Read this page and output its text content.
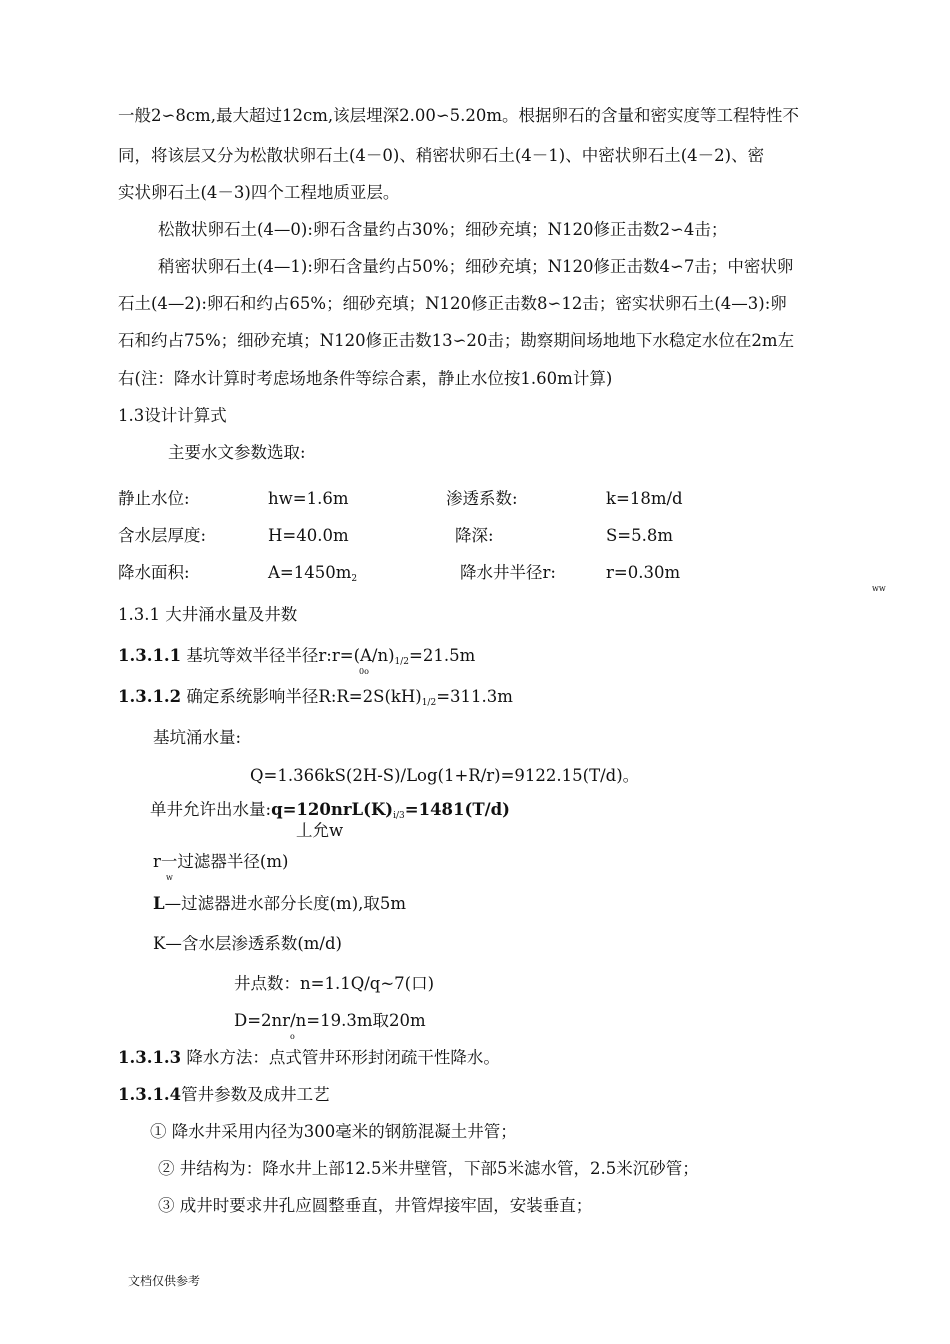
一般2∽8cm,最大超过12cm,该层埋深2.00∽5.20m。根据卵石的含量和密实度等工程特性不
同，将该层又分为松散状卵石土(4－0)、稍密状卵石土(4－1)、中密状卵石土(4－2)、密
实状卵石土(4－3)四个工程地质亚层。
松散状卵石土(4—0):卵石含量约占30%；细砂充填；N120修正击数2∽4击；
稍密状卵石土(4—1):卵石含量约占50%；细砂充填；N120修正击数4∽7击；中密状卵
石土(4—2):卵石和约占65%；细砂充填；N120修正击数8∽12击；密实状卵石土(4—3):卵
石和约占75%；细砂充填；N120修正击数13∽20击；勘察期间场地地下水稳定水位在2m左
右(注：降水计算时考虑场地条件等综合素，静止水位按1.60m计算)
1.3设计计算式
主要水文参数选取:
静止水位:	hw=1.6m	渗透系数:	k=18m/d
含水层厚度:	H=40.0m	降深:	S=5.8m
降水面积:	A=1450m2	降水井半径r:	r=0.30m
ww
1.3.1 大井涌水量及井数
1.3.1.1 基坑等效半径半径r:r=(A/n)1/2=21.5m
0o
1.3.1.2 确定系统影响半径R:R=2S(kH)1/2=311.3m
基坑涌水量:
Q=1.366kS(2H-S)/Log(1+R/r)=9122.15(T/d)。
单井允许出水量:q=120nrL(K)i/3=1481(T/d)
丄允w
r一过滤器半径(m)
w
L—过滤器进水部分长度(m),取5m
K—含水层渗透系数(m/d)
井点数：n=1.1Q/q~7(口)
D=2nr/n=19.3m取20m
o
1.3.1.3 降水方法：点式管井环形封闭疏干性降水。
1.3.1.4管井参数及成井工艺
① 降水井采用内径为300毫米的钢筋混凝土井管；
② 井结构为：降水井上部12.5米井壁管，下部5米滤水管，2.5米沉砂管；
③ 成井时要求井孔应圆整垂直，井管焊接牢固，安装垂直；
文档仅供参考
